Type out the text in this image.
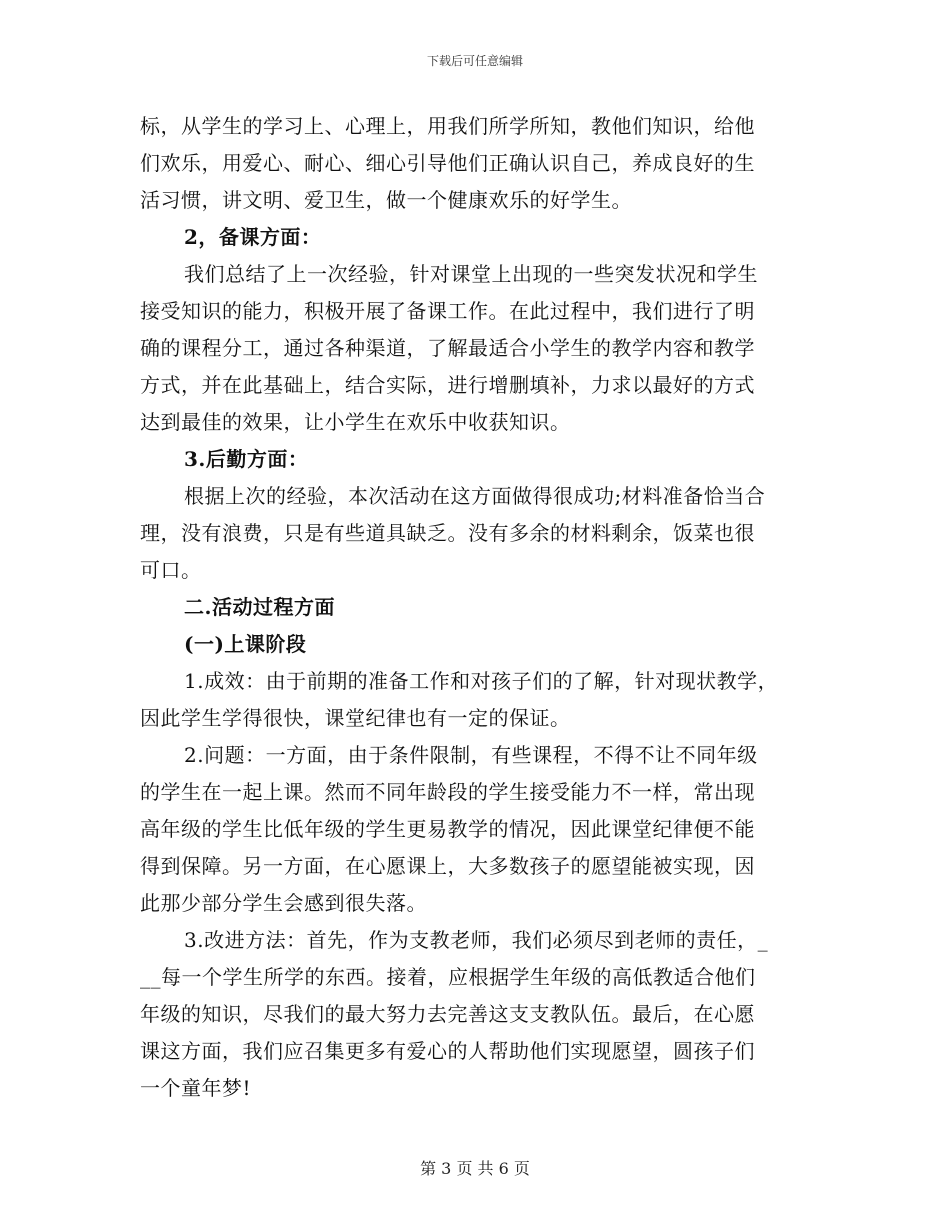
下载后可任意编辑
标，从学生的学习上、心理上，用我们所学所知，教他们知识，给他
们欢乐，用爱心、耐心、细心引导他们正确认识自己，养成良好的生
活习惯，讲文明、爱卫生，做一个健康欢乐的好学生。
2，备课方面：
我们总结了上一次经验，针对课堂上出现的一些突发状况和学生
接受知识的能力，积极开展了备课工作。在此过程中，我们进行了明
确的课程分工，通过各种渠道，了解最适合小学生的教学内容和教学
方式，并在此基础上，结合实际，进行增删填补，力求以最好的方式
达到最佳的效果，让小学生在欢乐中收获知识。
3.后勤方面：
根据上次的经验，本次活动在这方面做得很成功;材料准备恰当合
理，没有浪费，只是有些道具缺乏。没有多余的材料剩余，饭菜也很
可口。
二.活动过程方面
(一)上课阶段
1.成效：由于前期的准备工作和对孩子们的了解，针对现状教学，
因此学生学得很快，课堂纪律也有一定的保证。
2.问题：一方面，由于条件限制，有些课程，不得不让不同年级
的学生在一起上课。然而不同年龄段的学生接受能力不一样，常出现
高年级的学生比低年级的学生更易教学的情况，因此课堂纪律便不能
得到保障。另一方面，在心愿课上，大多数孩子的愿望能被实现，因
此那少部分学生会感到很失落。
3.改进方法：首先，作为支教老师，我们必须尽到老师的责任，_
__每一个学生所学的东西。接着，应根据学生年级的高低教适合他们
年级的知识，尽我们的最大努力去完善这支支教队伍。最后，在心愿
课这方面，我们应召集更多有爱心的人帮助他们实现愿望，圆孩子们
一个童年梦!
第 3 页 共 6 页
